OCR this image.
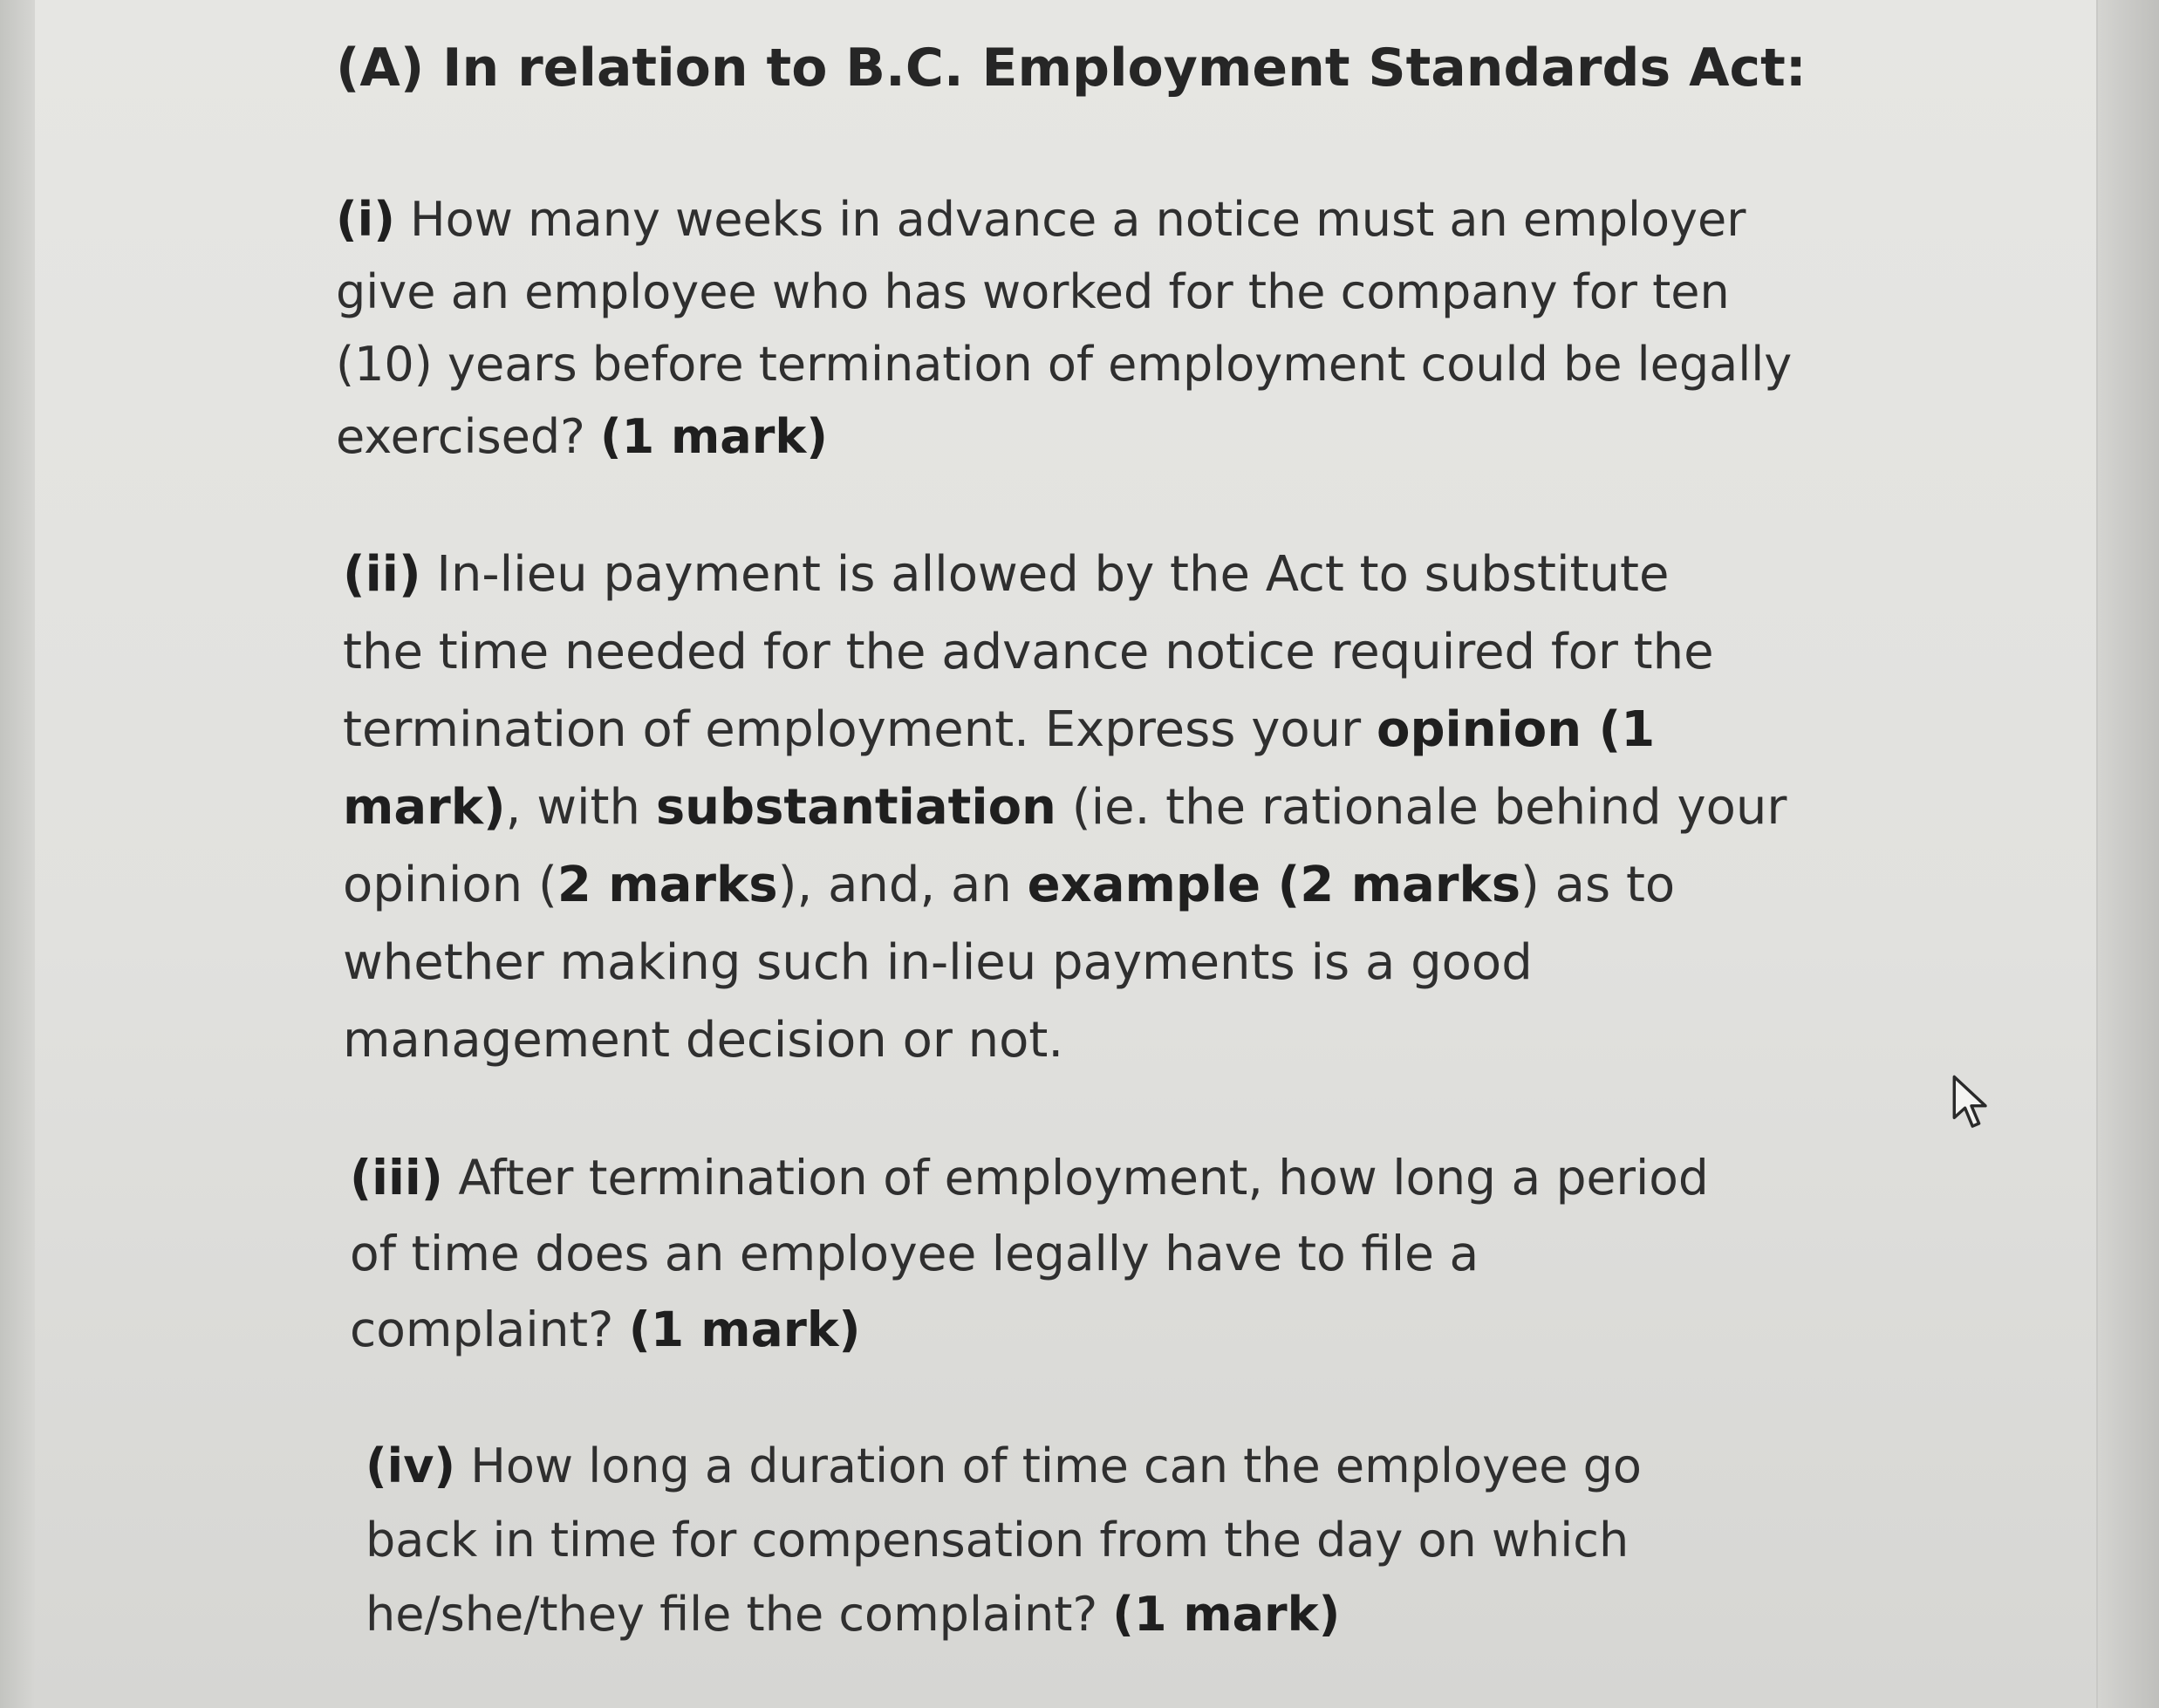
(A) In relation to B.C. Employment Standards Act:
(i) How many weeks in advance a notice must an employer
give an employee who has worked for the company for ten
(10) years before termination of employment could be legally
exercised? (1 mark)
(ii) In-lieu payment is allowed by the Act to substitute
the time needed for the advance notice required for the
termination of employment. Express your opinion (1
mark), with substantiation (ie. the rationale behind your
opinion (2 marks), and, an example (2 marks) as to
whether making such in-lieu payments is a good
management decision or not.
(iii) After termination of employment, how long a period
of time does an employee legally have to file a
complaint? (1 mark)
(iv) How long a duration of time can the employee go
back in time for compensation from the day on which
he/she/they file the complaint? (1 mark)
